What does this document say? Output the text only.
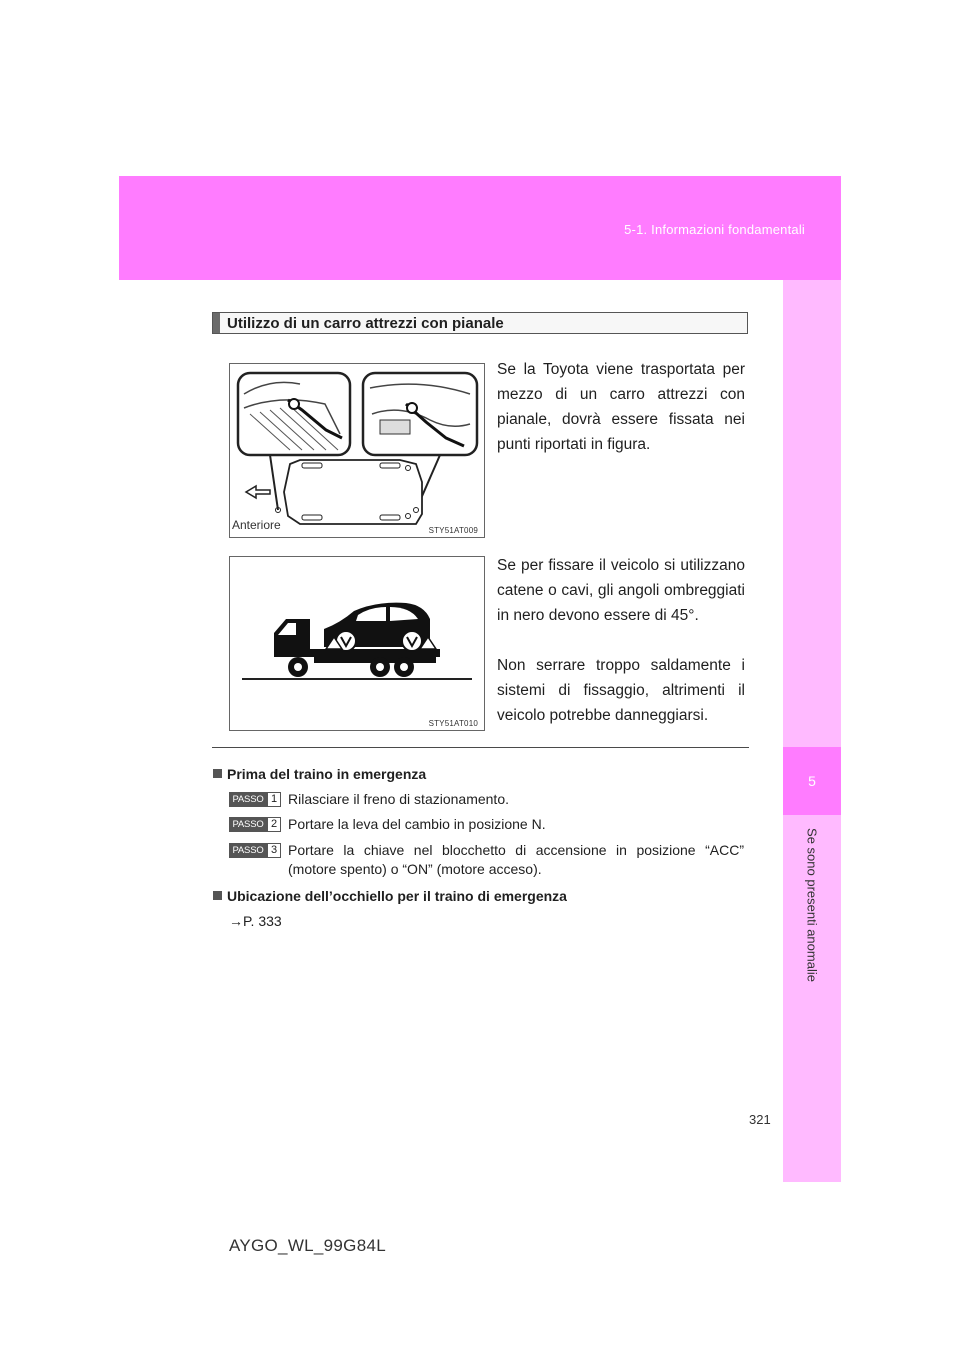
5-1. Informazioni fondamentali
5
Se sono presenti anomalie
Utilizzo di un carro attrezzi con pianale
Anteriore	STY51AT009

Se la Toyota viene trasportata per mezzo di un carro attrezzi con pianale, dovrà essere fissata nei punti riportati in figura.

STY51AT010

Se per fissare il veicolo si utilizzano catene o cavi, gli angoli ombreggiati in nero devono essere di 45°.

Non serrare troppo saldamente i sistemi di fissaggio, altrimenti il veicolo potrebbe danneggiarsi.

Prima del traino in emergenza
PASSO 1 Rilasciare il freno di stazionamento.

PASSO 2 Portare la leva del cambio in posizione N.

PASSO 3 Portare la chiave nel blocchetto di accensione in posizione “ACC” (motore spento) o “ON” (motore acceso).

Ubicazione dell’occhiello per il traino di emergenza
→P. 333
321
AYGO_WL_99G84L
